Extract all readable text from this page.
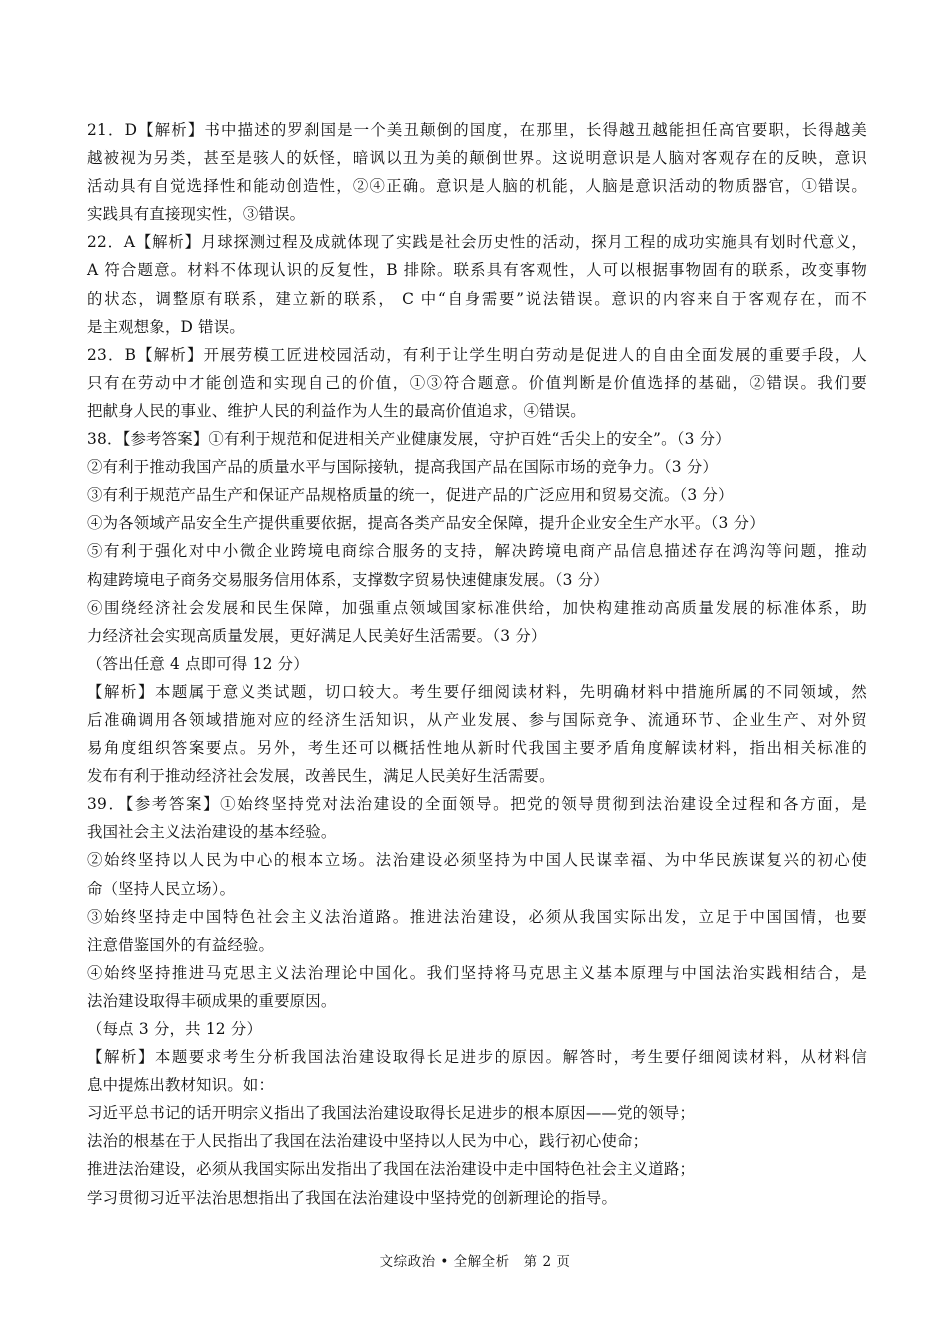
21．D【解析】书中描述的罗刹国是一个美丑颠倒的国度，在那里，长得越丑越能担任高官要职，长得越美
越被视为另类，甚至是骇人的妖怪，暗讽以丑为美的颠倒世界。这说明意识是人脑对客观存在的反映，意识
活动具有自觉选择性和能动创造性，②④正确。意识是人脑的机能，人脑是意识活动的物质器官，①错误。
实践具有直接现实性，③错误。
22．A【解析】月球探测过程及成就体现了实践是社会历史性的活动，探月工程的成功实施具有划时代意义，
A 符合题意。材料不体现认识的反复性，B 排除。联系具有客观性，人可以根据事物固有的联系，改变事物
的状态，调整原有联系，建立新的联系， C 中“自身需要”说法错误。意识的内容来自于客观存在，而不
是主观想象，D 错误。
23．B【解析】开展劳模工匠进校园活动，有利于让学生明白劳动是促进人的自由全面发展的重要手段，人
只有在劳动中才能创造和实现自己的价值，①③符合题意。价值判断是价值选择的基础，②错误。我们要
把献身人民的事业、维护人民的利益作为人生的最高价值追求，④错误。
38．【参考答案】①有利于规范和促进相关产业健康发展，守护百姓“舌尖上的安全”。（3 分）
②有利于推动我国产品的质量水平与国际接轨，提高我国产品在国际市场的竞争力。（3 分）
③有利于规范产品生产和保证产品规格质量的统一，促进产品的广泛应用和贸易交流。（3 分）
④为各领域产品安全生产提供重要依据，提高各类产品安全保障，提升企业安全生产水平。（3 分）
⑤有利于强化对中小微企业跨境电商综合服务的支持，解决跨境电商产品信息描述存在鸿沟等问题，推动
构建跨境电子商务交易服务信用体系，支撑数字贸易快速健康发展。（3 分）
⑥围绕经济社会发展和民生保障，加强重点领域国家标准供给，加快构建推动高质量发展的标准体系，助
力经济社会实现高质量发展，更好满足人民美好生活需要。（3 分）
（答出任意 4 点即可得 12 分）
【解析】本题属于意义类试题，切口较大。考生要仔细阅读材料，先明确材料中措施所属的不同领域，然
后准确调用各领域措施对应的经济生活知识，从产业发展、参与国际竞争、流通环节、企业生产、对外贸
易角度组织答案要点。另外，考生还可以概括性地从新时代我国主要矛盾角度解读材料，指出相关标准的
发布有利于推动经济社会发展，改善民生，满足人民美好生活需要。
39．【参考答案】①始终坚持党对法治建设的全面领导。把党的领导贯彻到法治建设全过程和各方面，是
我国社会主义法治建设的基本经验。
②始终坚持以人民为中心的根本立场。法治建设必须坚持为中国人民谋幸福、为中华民族谋复兴的初心使
命（坚持人民立场）。
③始终坚持走中国特色社会主义法治道路。推进法治建设，必须从我国实际出发，立足于中国国情，也要
注意借鉴国外的有益经验。
④始终坚持推进马克思主义法治理论中国化。我们坚持将马克思主义基本原理与中国法治实践相结合，是
法治建设取得丰硕成果的重要原因。
（每点 3 分，共 12 分）
【解析】本题要求考生分析我国法治建设取得长足进步的原因。解答时，考生要仔细阅读材料，从材料信
息中提炼出教材知识。如：
习近平总书记的话开明宗义指出了我国法治建设取得长足进步的根本原因——党的领导；
法治的根基在于人民指出了我国在法治建设中坚持以人民为中心，践行初心使命；
推进法治建设，必须从我国实际出发指出了我国在法治建设中走中国特色社会主义道路；
学习贯彻习近平法治思想指出了我国在法治建设中坚持党的创新理论的指导。
文综政治 • 全解全析　第 2 页
